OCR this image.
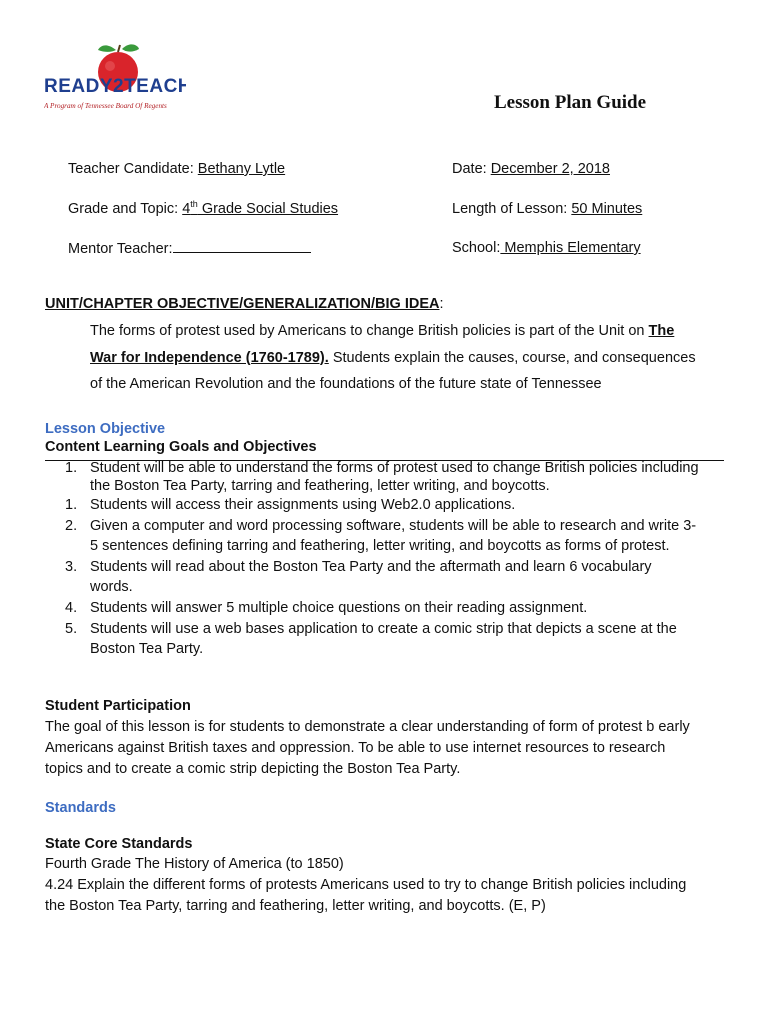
READY2TEACH
A Program of Tennessee Board Of Regents	Lesson Plan Guide
Teacher Candidate: Bethany Lytle	Date: December 2, 2018
Grade and Topic: 4th Grade Social Studies	Length of Lesson: 50 Minutes
Mentor Teacher:	School: Memphis Elementary
UNIT/CHAPTER OBJECTIVE/GENERALIZATION/BIG IDEA:
The forms of protest used by Americans to change British policies is part of the Unit on The
War for Independence (1760-1789). Students explain the causes, course, and consequences
of the American Revolution and the foundations of the future state of Tennessee
Lesson Objective
Content Learning Goals and Objectives
1. Student will be able to understand the forms of protest used to change British policies including
the Boston Tea Party, tarring and feathering, letter writing, and boycotts.
1. Students will access their assignments using Web2.0 applications.
2. Given a computer and word processing software, students will be able to research and write 3-
5 sentences defining tarring and feathering, letter writing, and boycotts as forms of protest.
3. Students will read about the Boston Tea Party and the aftermath and learn 6 vocabulary
words.
4. Students will answer 5 multiple choice questions on their reading assignment.
5. Students will use a web bases application to create a comic strip that depicts a scene at the
Boston Tea Party.
Student Participation
The goal of this lesson is for students to demonstrate a clear understanding of form of protest b early
Americans against British taxes and oppression. To be able to use internet resources to research
topics and to create a comic strip depicting the Boston Tea Party.
Standards
State Core Standards
Fourth Grade The History of America (to 1850)
4.24 Explain the different forms of protests Americans used to try to change British policies including
the Boston Tea Party, tarring and feathering, letter writing, and boycotts. (E, P)
